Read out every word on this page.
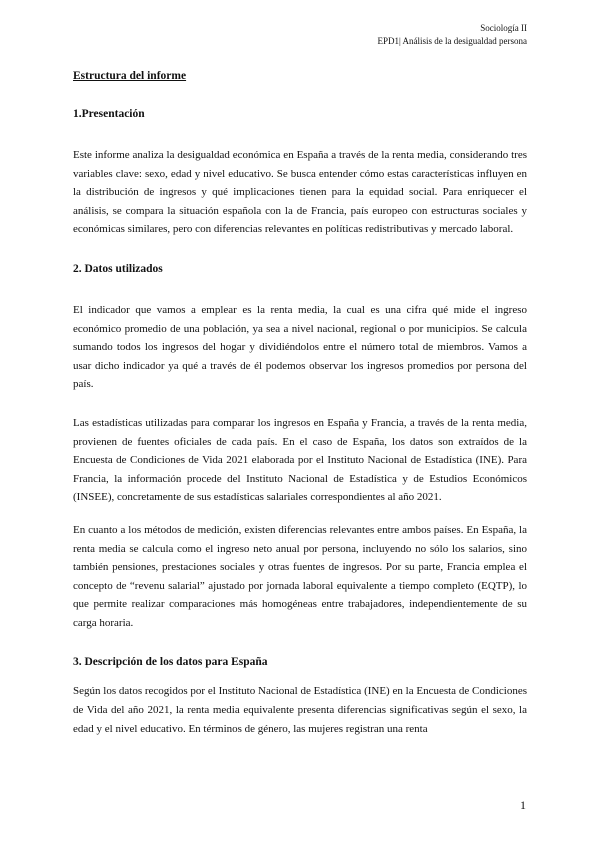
Sociología II
EPD1| Análisis de la desigualdad persona
Estructura del informe
1.Presentación

Este informe analiza la desigualdad económica en España a través de la renta media, considerando tres variables clave: sexo, edad y nivel educativo. Se busca entender cómo estas características influyen en la distribución de ingresos y qué implicaciones tienen para la equidad social. Para enriquecer el análisis, se compara la situación española con la de Francia, país europeo con estructuras sociales y económicas similares, pero con diferencias relevantes en políticas redistributivas y mercado laboral.

2. Datos utilizados

El indicador que vamos a emplear es la renta media, la cual es una cifra qué mide el ingreso económico promedio de una población, ya sea a nivel nacional, regional o por municipios. Se calcula sumando todos los ingresos del hogar y dividiéndolos entre el número total de miembros. Vamos a usar dicho indicador ya qué a través de él podemos observar los ingresos promedios por persona del país.

Las estadísticas utilizadas para comparar los ingresos en España y Francia, a través de la renta media, provienen de fuentes oficiales de cada país. En el caso de España, los datos son extraídos de la Encuesta de Condiciones de Vida 2021 elaborada por el Instituto Nacional de Estadística (INE). Para Francia, la información procede del Instituto Nacional de Estadística y de Estudios Económicos (INSEE), concretamente de sus estadísticas salariales correspondientes al año 2021.

En cuanto a los métodos de medición, existen diferencias relevantes entre ambos países. En España, la renta media se calcula como el ingreso neto anual por persona, incluyendo no sólo los salarios, sino también pensiones, prestaciones sociales y otras fuentes de ingresos. Por su parte, Francia emplea el concepto de “revenu salarial” ajustado por jornada laboral equivalente a tiempo completo (EQTP), lo que permite realizar comparaciones más homogéneas entre trabajadores, independientemente de su carga horaria.

3. Descripción de los datos para España

Según los datos recogidos por el Instituto Nacional de Estadística (INE) en la Encuesta de Condiciones de Vida del año 2021, la renta media equivalente presenta diferencias significativas según el sexo, la edad y el nivel educativo. En términos de género, las mujeres registran una renta

1
